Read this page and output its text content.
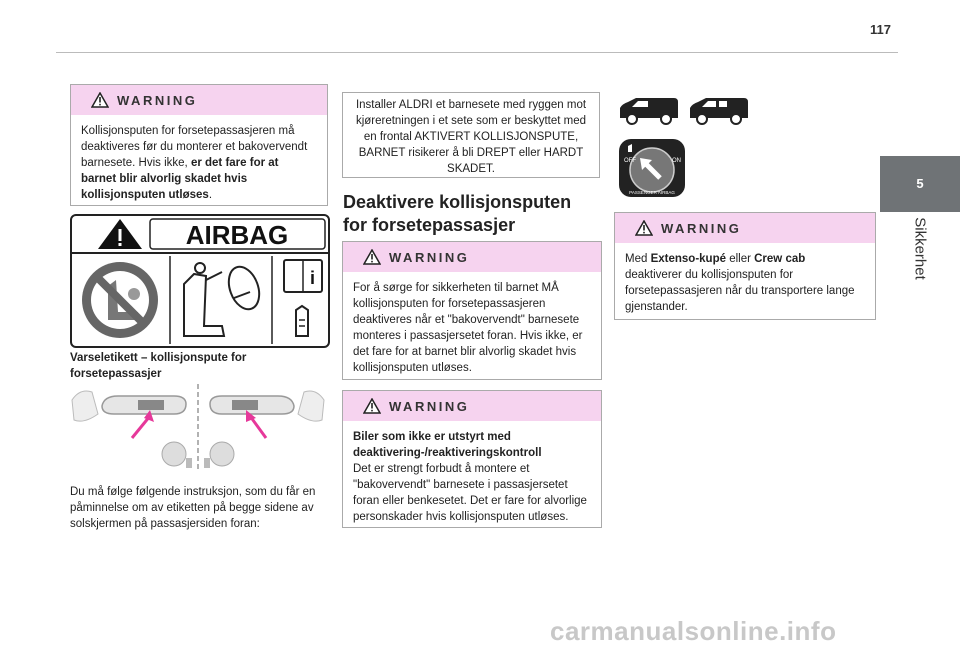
117
5
Sikkerhet
WARNING
Kollisjonsputen for forsetepassasjeren må
deaktiveres før du monterer et bakovervendt
barnesete. Hvis ikke, er det fare for at
barnet blir alvorlig skadet hvis
kollisjonsputen utløses.
AIRBAG
i
Varseletikett – kollisjonspute for
forsetepassasjer
Du må følge følgende instruksjon, som du får en
påminnelse om av etiketten på begge sidene av
solskjermen på passasjersiden foran:
Installer ALDRI et barnesete med ryggen mot
kjøreretningen i et sete som er beskyttet med
en frontal AKTIVERT KOLLISJONSPUTE,
BARNET risikerer å bli DREPT eller HARDT
SKADET.
Deaktivere kollisjonsputen
for forsetepassasjer
WARNING
For å sørge for sikkerheten til barnet MÅ
kollisjonsputen for forsetepassasjeren
deaktiveres når et "bakovervendt" barnesete
monteres i passasjersetet foran. Hvis ikke, er
det fare for at barnet blir alvorlig skadet hvis
kollisjonsputen utløses.
WARNING
Biler som ikke er utstyrt med
deaktivering-/reaktiveringskontroll
Det er strengt forbudt å montere et
"bakovervendt" barnesete i passasjersetet
foran eller benkesetet. Det er fare for alvorlige
personskader hvis kollisjonsputen utløses.
OFF	ON
PASSENGER AIRBAG
WARNING
Med Extenso-kupé eller Crew cab
deaktiverer du kollisjonsputen for
forsetepassasjeren når du transportere lange
gjenstander.
carmanualsonline.info
